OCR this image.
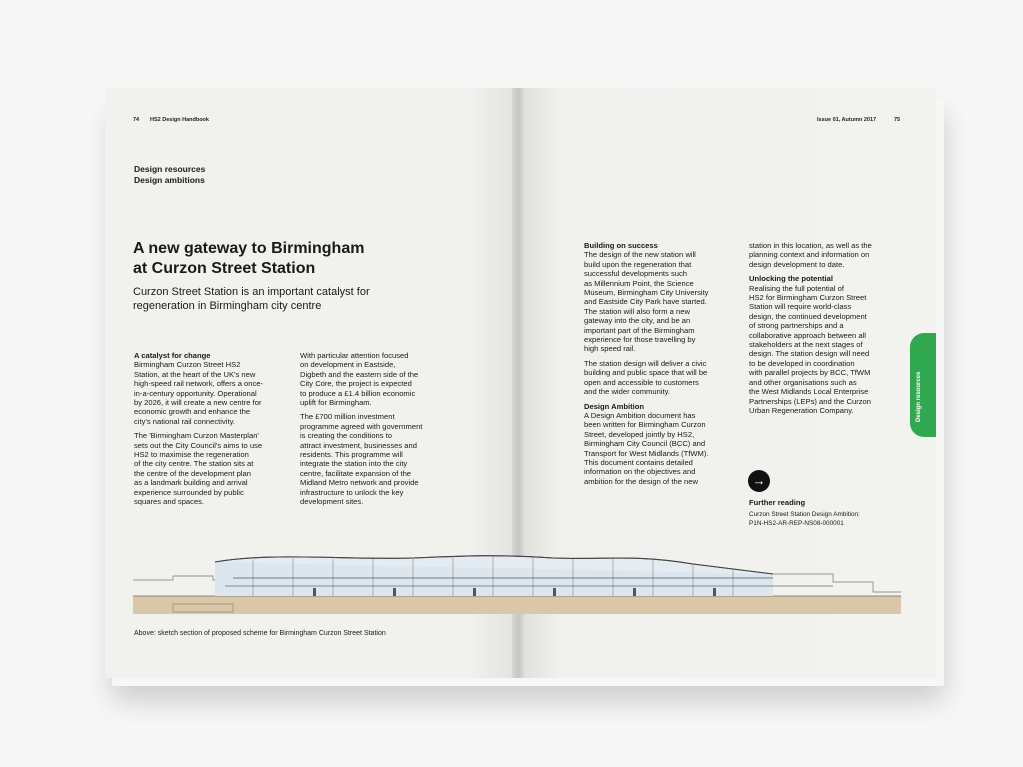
74 HS2 Design Handbook	Issue 01, Autumn 2017	75
Design resources
Design ambitions
A new gateway to Birmingham
at Curzon Street Station
Curzon Street Station is an important catalyst for
regeneration in Birmingham city centre
A catalyst for change
Birmingham Curzon Street HS2
Station, at the heart of the UK's new
high-speed rail network, offers a once-
in-a-century opportunity. Operational
by 2026, it will create a new centre for
economic growth and enhance the
city's national rail connectivity.
The 'Birmingham Curzon Masterplan'
sets out the City Council's aims to use
HS2 to maximise the regeneration
of the city centre. The station sits at
the centre of the development plan
as a landmark building and arrival
experience surrounded by public
squares and spaces.
With particular attention focused
on development in Eastside,
Digbeth and the eastern side of the
City Core, the project is expected
to produce a £1.4 billion economic
uplift for Birmingham.
The £700 million investment
programme agreed with government
is creating the conditions to
attract investment, businesses and
residents. This programme will
integrate the station into the city
centre, facilitate expansion of the
Midland Metro network and provide
infrastructure to unlock the key
development sites.
Building on success
The design of the new station will
build upon the regeneration that
successful developments such
as Millennium Point, the Science
Museum, Birmingham City University
and Eastside City Park have started.
The station will also form a new
gateway into the city, and be an
important part of the Birmingham
experience for those travelling by
high speed rail.
The station design will deliver a civic
building and public space that will be
open and accessible to customers
and the wider community.
Design Ambition
A Design Ambition document has
been written for Birmingham Curzon
Street, developed jointly by HS2,
Birmingham City Council (BCC) and
Transport for West Midlands (TfWM).
This document contains detailed
information on the objectives and
ambition for the design of the new
station in this location, as well as the
planning context and information on
design development to date.
Unlocking the potential
Realising the full potential of
HS2 for Birmingham Curzon Street
Station will require world-class
design, the continued development
of strong partnerships and a
collaborative approach between all
stakeholders at the next stages of
design. The station design will need
to be developed in coordination
with parallel projects by BCC, TfWM
and other organisations such as
the West Midlands Local Enterprise
Partnerships (LEPs) and the Curzon
Urban Regeneration Company.
→
Further reading
Curzon Street Station Design Ambition:
P1N-HS2-AR-REP-NS08-000001
Design resources
Above: sketch section of proposed scheme for Birmingham Curzon Street Station
